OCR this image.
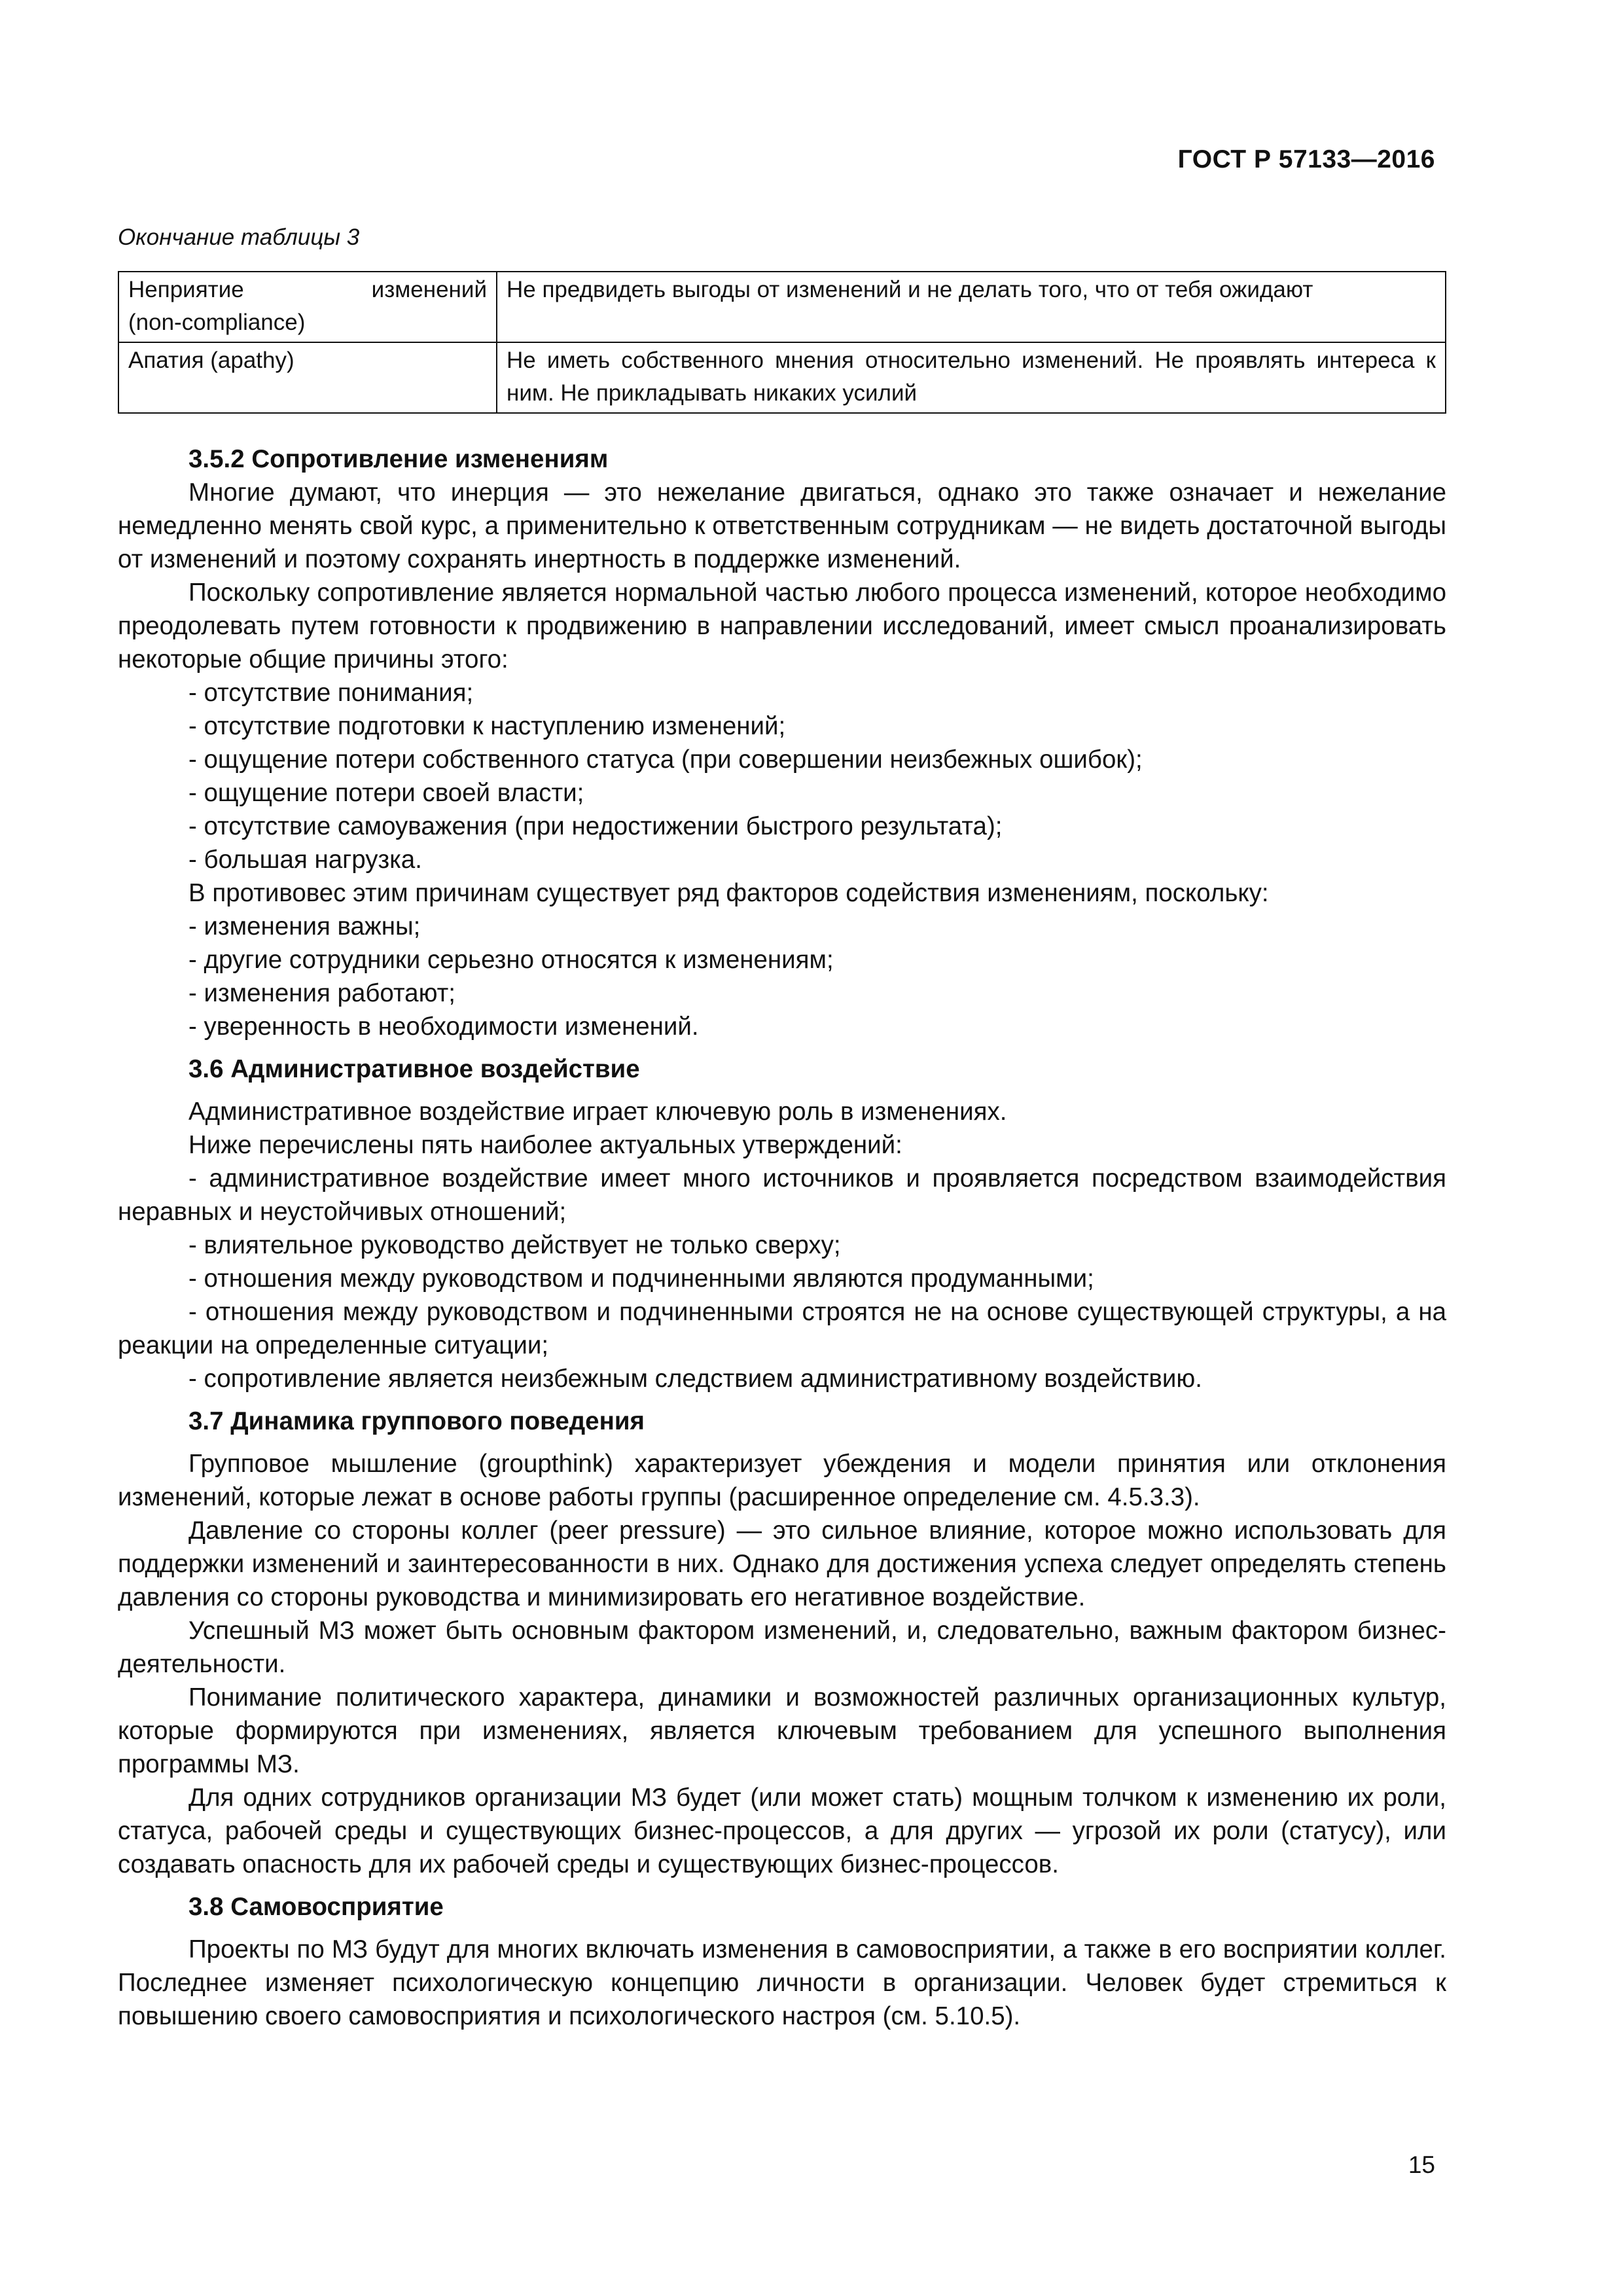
ГОСТ Р 57133—2016
Окончание таблицы 3
Неприятие изменений
(non-compliance)	Не предвидеть выгоды от изменений и не делать того, что от тебя ожидают

Апатия (apathy)	Не иметь собственного мнения относительно изменений. Не проявлять интереса к ним. Не прикладывать никаких усилий
3.5.2 Сопротивление изменениям

Многие думают, что инерция — это нежелание двигаться, однако это также означает и нежелание немедленно менять свой курс, а применительно к ответственным сотрудникам — не видеть достаточной выгоды от изменений и поэтому сохранять инертность в поддержке изменений.

Поскольку сопротивление является нормальной частью любого процесса изменений, которое необходимо преодолевать путем готовности к продвижению в направлении исследований, имеет смысл проанализировать некоторые общие причины этого:

- отсутствие понимания;

- отсутствие подготовки к наступлению изменений;

- ощущение потери собственного статуса (при совершении неизбежных ошибок);

- ощущение потери своей власти;

- отсутствие самоуважения (при недостижении быстрого результата);

- большая нагрузка.

В противовес этим причинам существует ряд факторов содействия изменениям, поскольку:

- изменения важны;

- другие сотрудники серьезно относятся к изменениям;

- изменения работают;

- уверенность в необходимости изменений.

3.6 Административное воздействие

Административное воздействие играет ключевую роль в изменениях.

Ниже перечислены пять наиболее актуальных утверждений:

- административное воздействие имеет много источников и проявляется посредством взаимодействия неравных и неустойчивых отношений;

- влиятельное руководство действует не только сверху;

- отношения между руководством и подчиненными являются продуманными;

- отношения между руководством и подчиненными строятся не на основе существующей структуры, а на реакции на определенные ситуации;

- сопротивление является неизбежным следствием административному воздействию.

3.7 Динамика группового поведения

Групповое мышление (groupthink) характеризует убеждения и модели принятия или отклонения изменений, которые лежат в основе работы группы (расширенное определение см. 4.5.3.3).

Давление со стороны коллег (peer pressure) — это сильное влияние, которое можно использовать для поддержки изменений и заинтересованности в них. Однако для достижения успеха следует определять степень давления со стороны руководства и минимизировать его негативное воздействие.

Успешный МЗ может быть основным фактором изменений, и, следовательно, важным фактором бизнес-деятельности.

Понимание политического характера, динамики и возможностей различных организационных культур, которые формируются при изменениях, является ключевым требованием для успешного выполнения программы МЗ.

Для одних сотрудников организации МЗ будет (или может стать) мощным толчком к изменению их роли, статуса, рабочей среды и существующих бизнес-процессов, а для других — угрозой их роли (статусу), или создавать опасность для их рабочей среды и существующих бизнес-процессов.

3.8 Самовосприятие

Проекты по МЗ будут для многих включать изменения в самовосприятии, а также в его восприятии коллег. Последнее изменяет психологическую концепцию личности в организации. Человек будет стремиться к повышению своего самовосприятия и психологического настроя (см. 5.10.5).

15
